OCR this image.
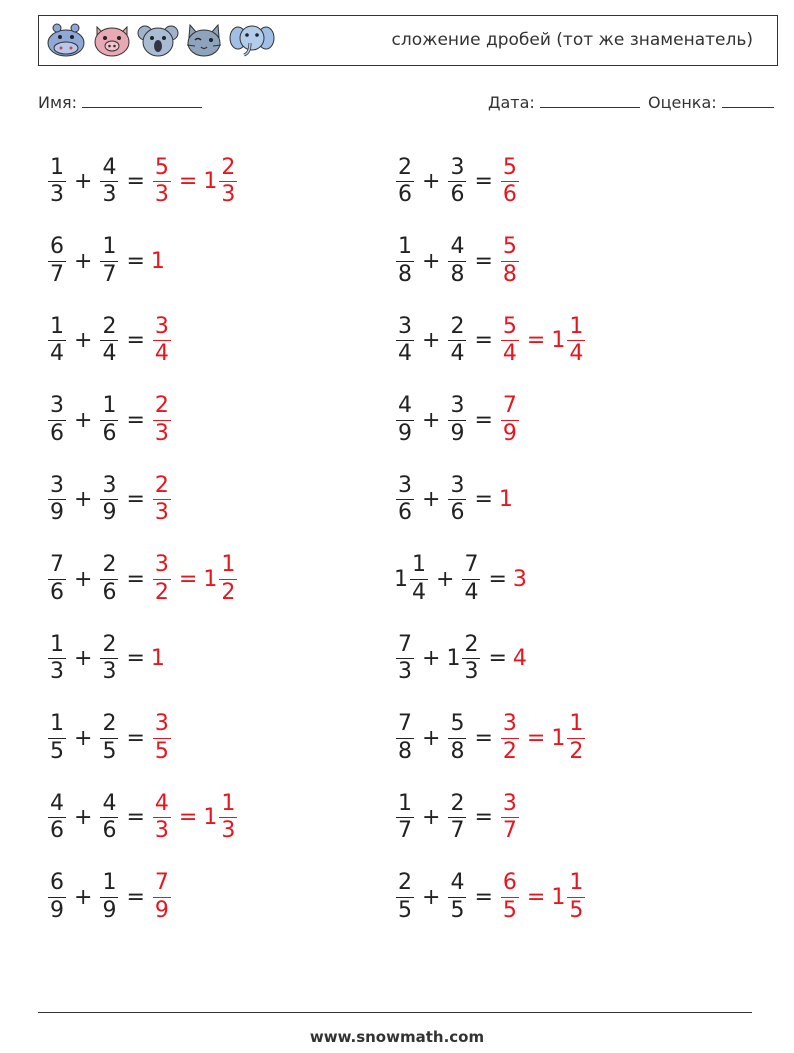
сложение дробей (тот же знаменатель)
Имя:	Дата:	Оценка:
$\frac{1}{3} + \frac{4}{3} = \frac{5}{3} = 1 \frac{2}{3}$
$\frac{6}{7} + \frac{1}{7} = 1$
$\frac{1}{4} + \frac{2}{4} = \frac{3}{4}$
$\frac{3}{6} + \frac{1}{6} = \frac{2}{3}$
$\frac{3}{9} + \frac{3}{9} = \frac{2}{3}$
$\frac{7}{6} + \frac{2}{6} = \frac{3}{2} = 1 \frac{1}{2}$
$\frac{1}{3} + \frac{2}{3} = 1$
$\frac{1}{5} + \frac{2}{5} = \frac{3}{5}$
$\frac{4}{6} + \frac{4}{6} = \frac{4}{3} = 1 \frac{1}{3}$
$\frac{6}{9} + \frac{1}{9} = \frac{7}{9}$
$\frac{2}{6} + \frac{3}{6} = \frac{5}{6}$
$\frac{1}{8} + \frac{4}{8} = \frac{5}{8}$
$\frac{3}{4} + \frac{2}{4} = \frac{5}{4} = 1 \frac{1}{4}$
$\frac{4}{9} + \frac{3}{9} = \frac{7}{9}$
$\frac{3}{6} + \frac{3}{6} = 1$
$1 \frac{1}{4} + \frac{7}{4} = 3$
$\frac{7}{3} + 1 \frac{2}{3} = 4$
$\frac{7}{8} + \frac{5}{8} = \frac{3}{2} = 1 \frac{1}{2}$
$\frac{1}{7} + \frac{2}{7} = \frac{3}{7}$
$\frac{2}{5} + \frac{4}{5} = \frac{6}{5} = 1 \frac{1}{5}$
www.snowmath.com
